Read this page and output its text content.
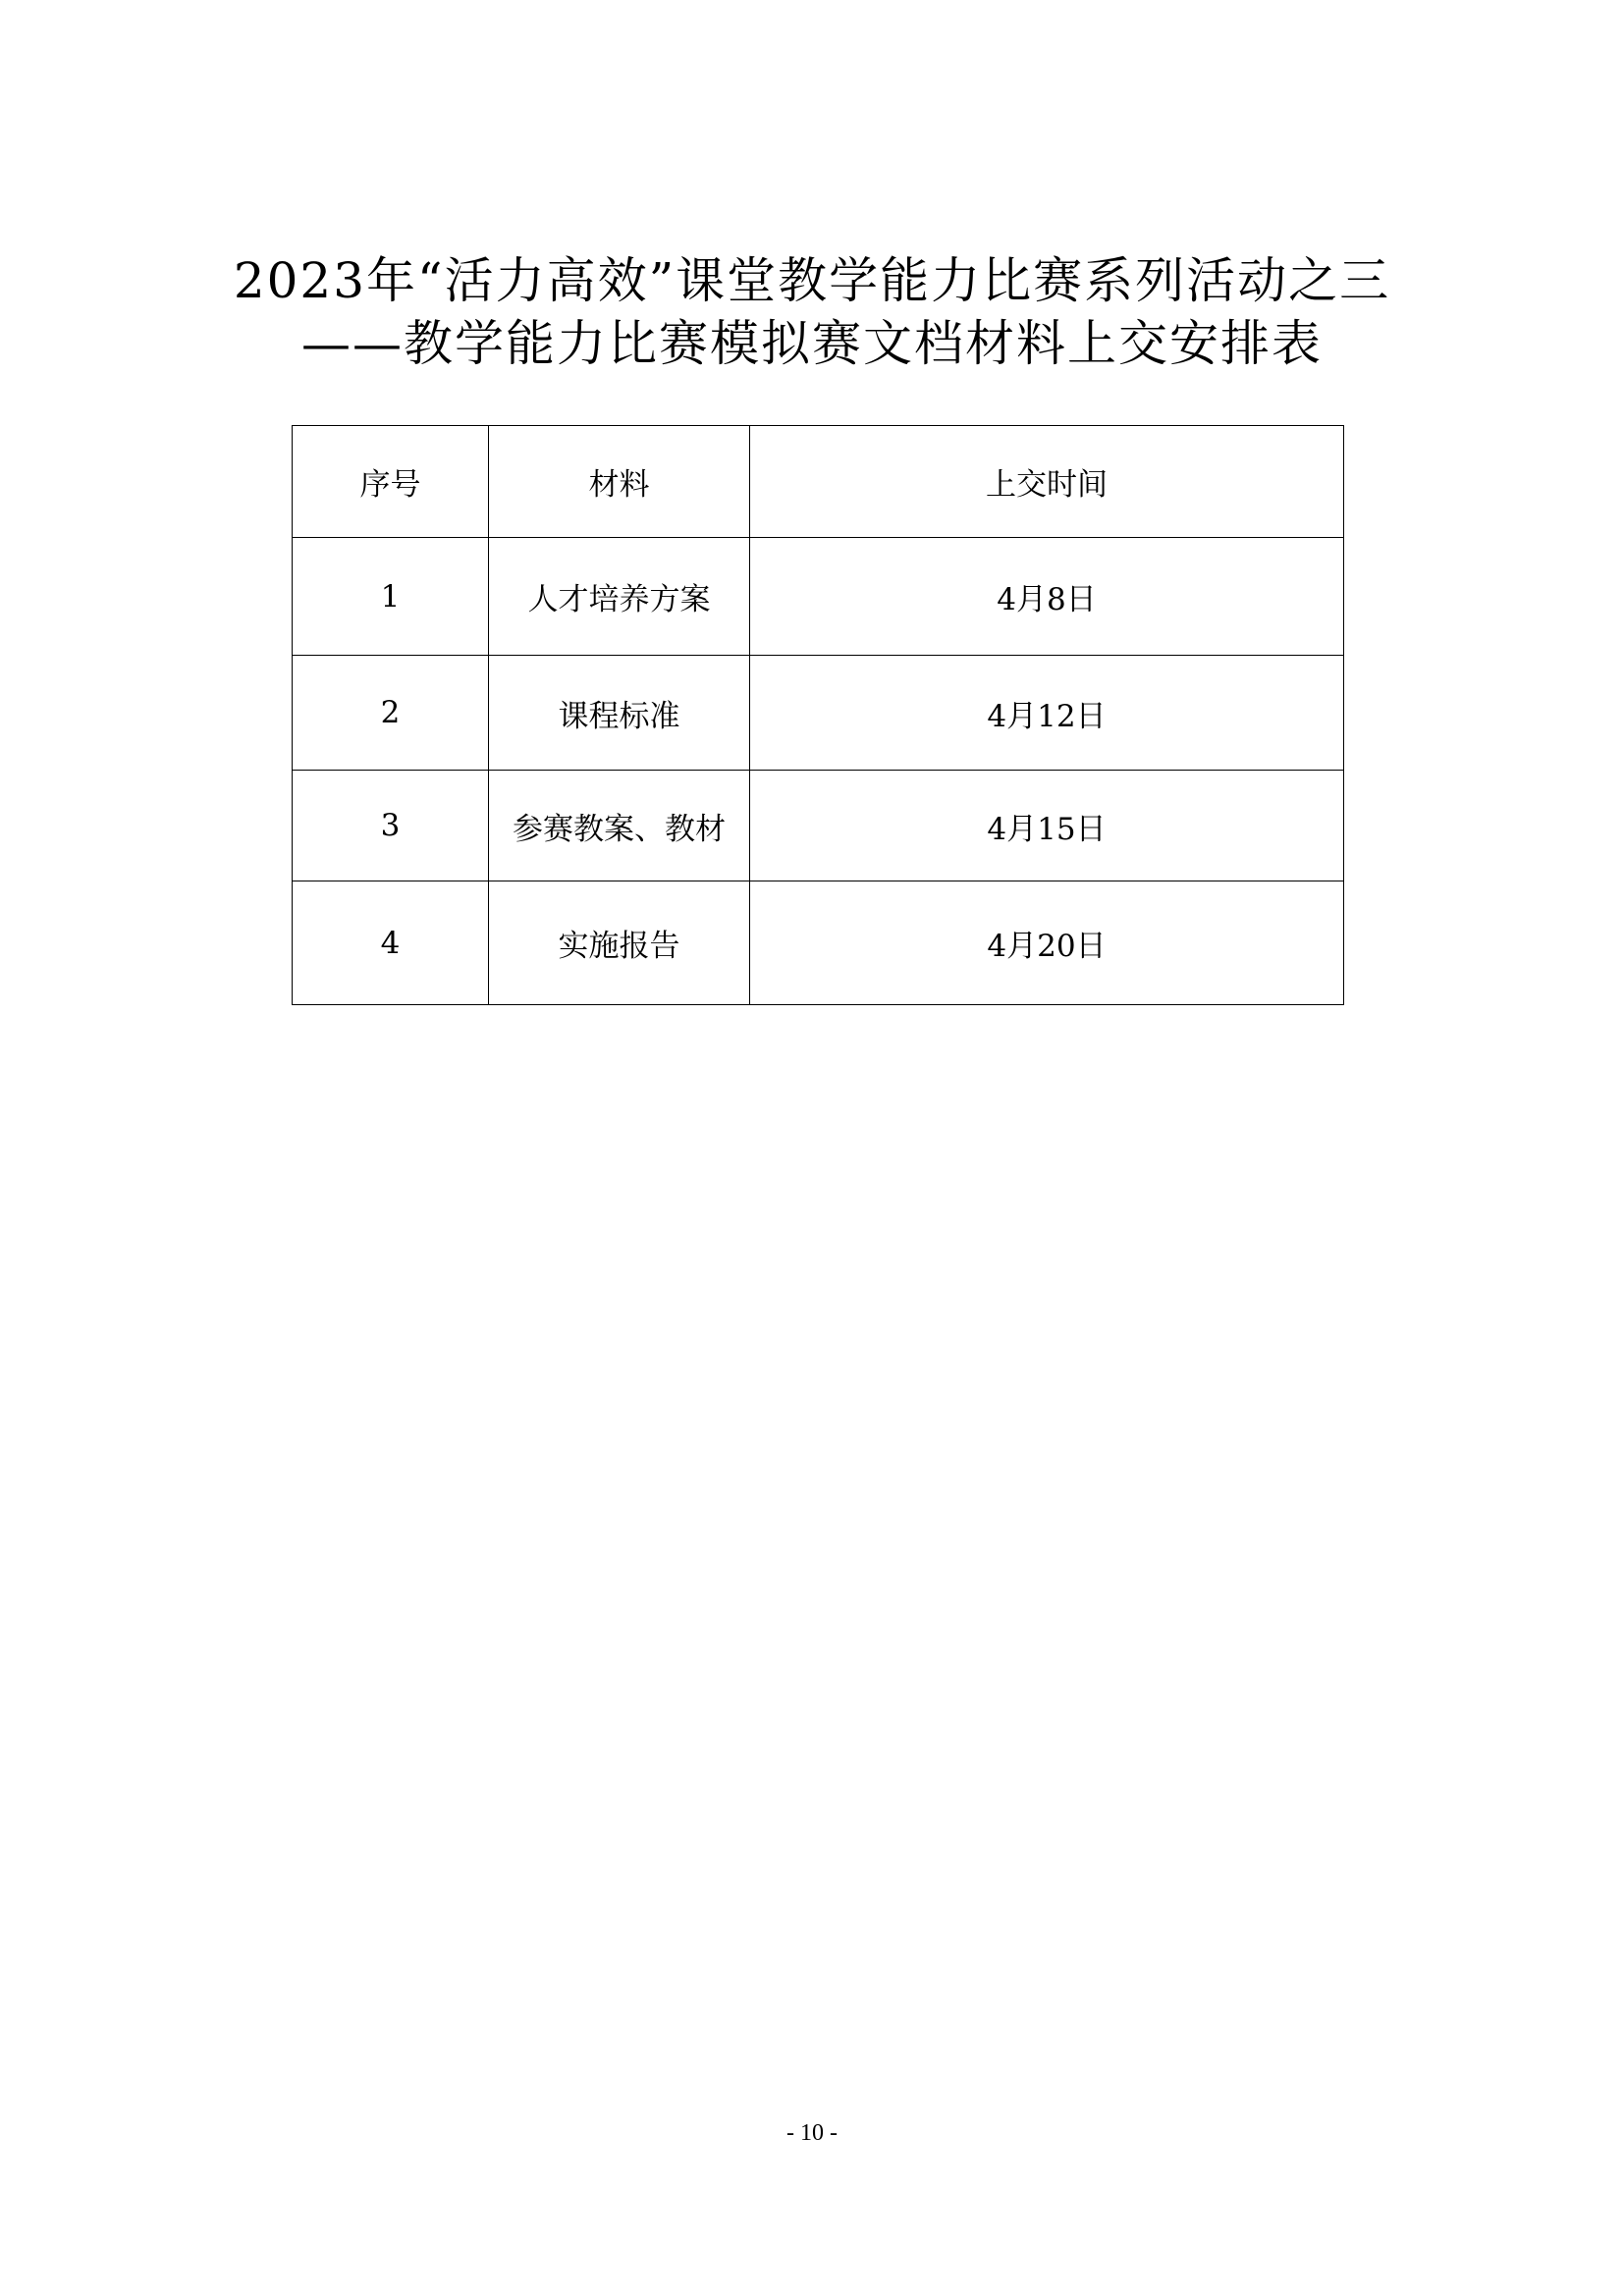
2023年“活力高效”课堂教学能力比赛系列活动之三
——教学能力比赛模拟赛文档材料上交安排表
序号	材料	上交时间
1	人才培养方案	4月8日
2	课程标准	4月12日
3	参赛教案、教材	4月15日
4	实施报告	4月20日
- 10 -
